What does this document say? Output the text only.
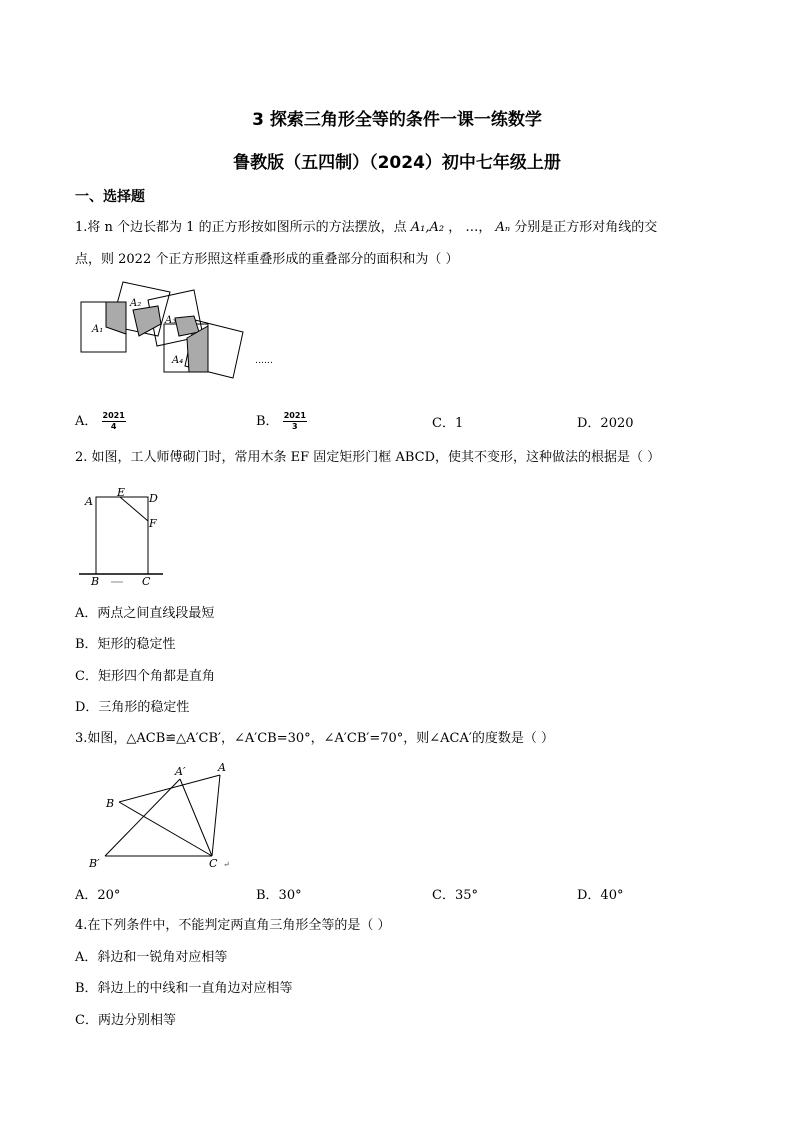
3 探索三角形全等的条件一课一练数学
鲁教版（五四制）（2024）初中七年级上册
一、选择题
1.将 n 个边长都为 1 的正方形按如图所示的方法摆放，点 A₁,A₂ ， …， Aₙ 分别是正方形对角线的交
点，则 2022 个正方形照这样重叠形成的重叠部分的面积和为（ ）
A₁
A₂
A₃
A₄	……
A． $\frac{2021}{4}$	B． $\frac{2021}{3}$	C．1	D．2020
2. 如图，工人师傅砌门时，常用木条 EF 固定矩形门框 ABCD，使其不变形，这种做法的根据是（ ）
A
E D
F
B	C
A．两点之间直线段最短
B．矩形的稳定性
C．矩形四个角都是直角
D．三角形的稳定性
3.如图，△ACB≌△A′CB′，∠A′CB=30°，∠A′CB′=70°，则∠ACA′的度数是（ ）
A′	A
B
B′	C ↵
A．20°	B．30°	C．35°	D．40°
4.在下列条件中，不能判定两直角三角形全等的是（ ）
A．斜边和一锐角对应相等
B．斜边上的中线和一直角边对应相等
C．两边分别相等
